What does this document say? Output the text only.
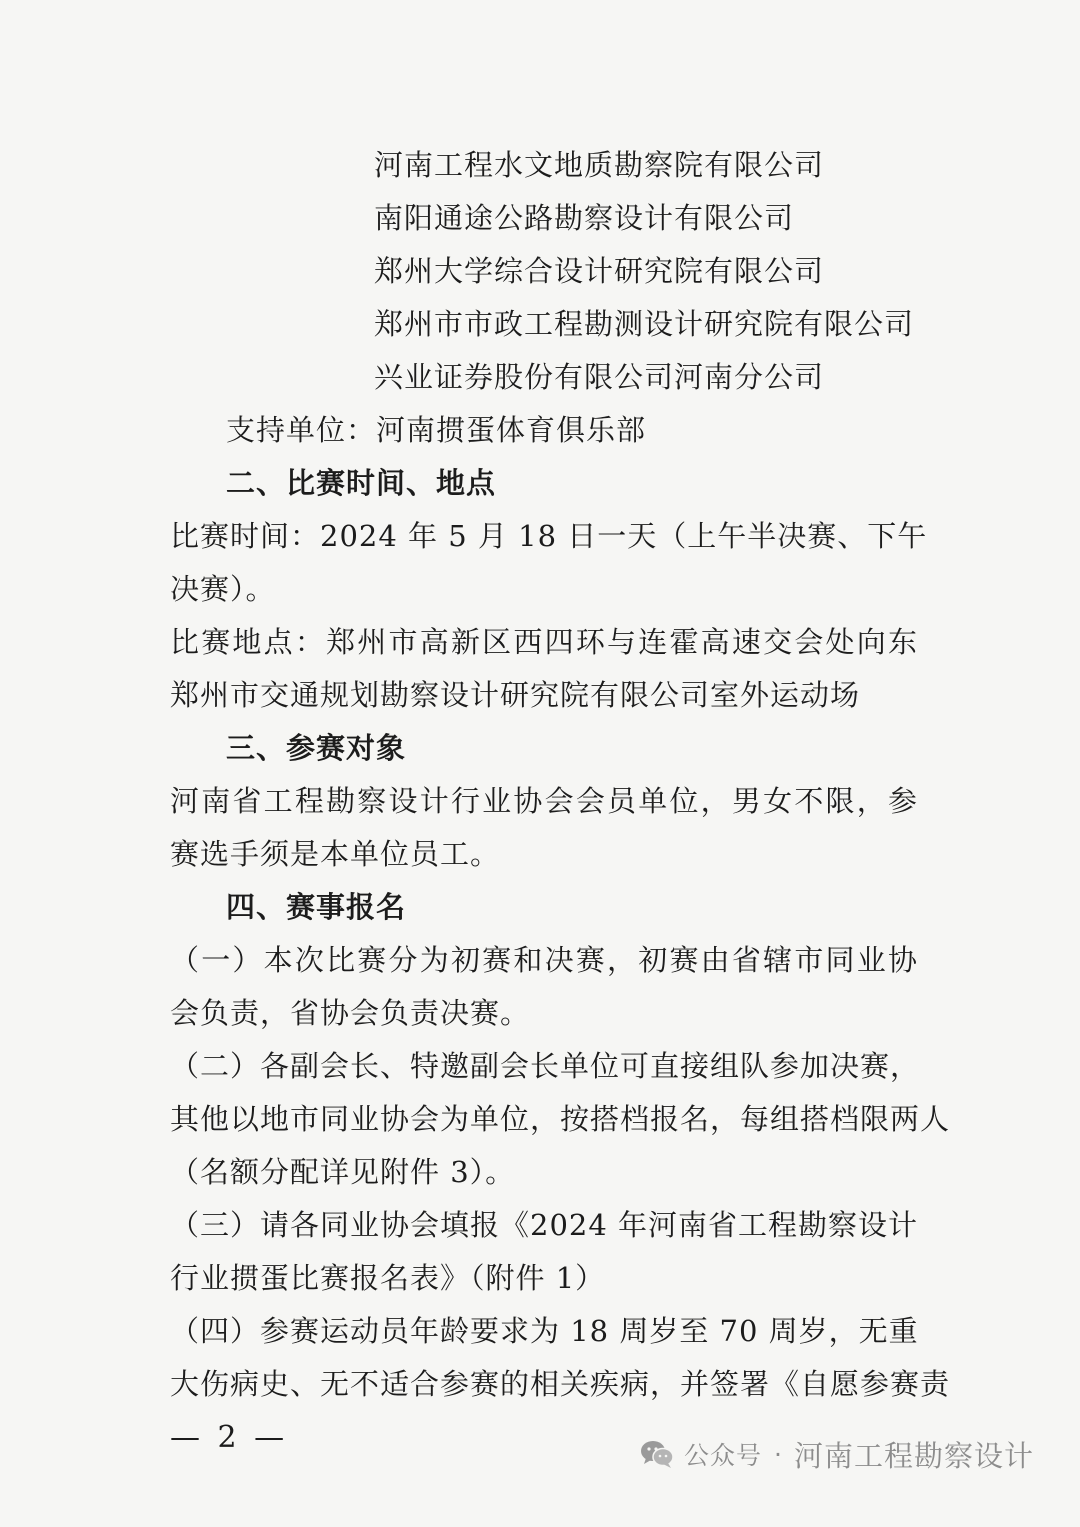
河南工程水文地质勘察院有限公司
南阳通途公路勘察设计有限公司
郑州大学综合设计研究院有限公司
郑州市市政工程勘测设计研究院有限公司
兴业证券股份有限公司河南分公司
支持单位：河南掼蛋体育俱乐部
二、比赛时间、地点
比赛时间：2024 年 5 月 18 日一天（上午半决赛、下午
决赛）。
比赛地点：郑州市高新区西四环与连霍高速交会处向东
郑州市交通规划勘察设计研究院有限公司室外运动场
三、参赛对象
河南省工程勘察设计行业协会会员单位，男女不限，参
赛选手须是本单位员工。
四、赛事报名
（一）本次比赛分为初赛和决赛，初赛由省辖市同业协
会负责，省协会负责决赛。
（二）各副会长、特邀副会长单位可直接组队参加决赛，
其他以地市同业协会为单位，按搭档报名，每组搭档限两人
（名额分配详见附件 3）。
（三）请各同业协会填报《2024 年河南省工程勘察设计
行业掼蛋比赛报名表》（附件 1）
（四）参赛运动员年龄要求为 18 周岁至 70 周岁，无重
大伤病史、无不适合参赛的相关疾病，并签署《自愿参赛责
— 2 —
公众号 · 河南工程勘察设计
